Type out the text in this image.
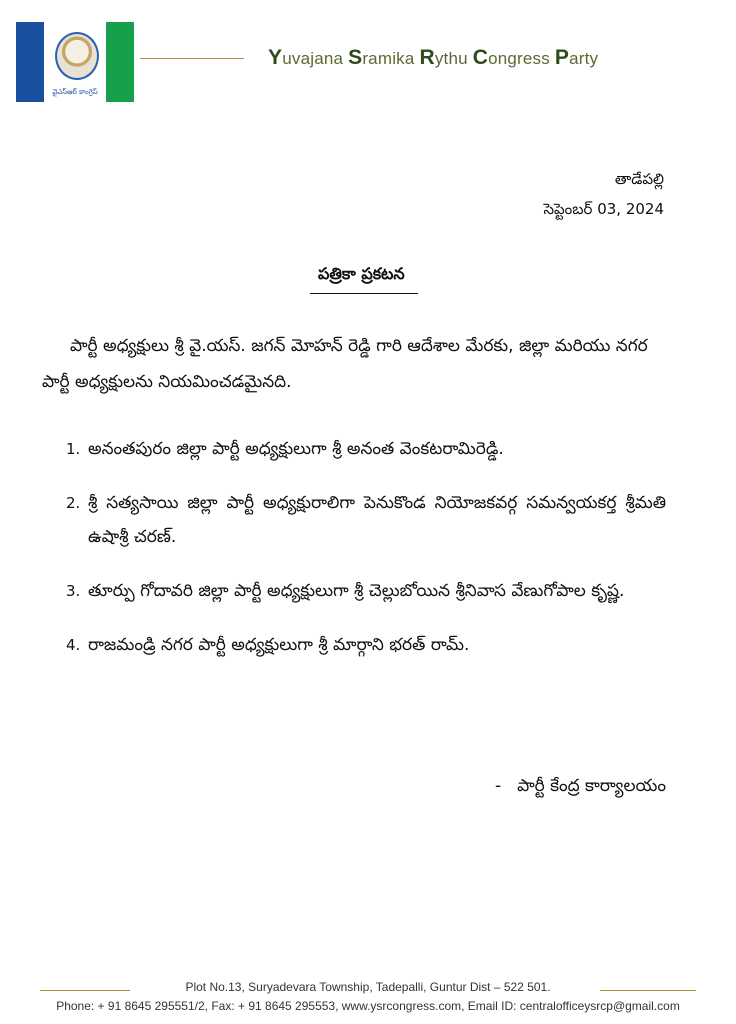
వైఎస్ఆర్ కాంగ్రెస్
Yuvajana Sramika Rythu Congress Party
తాడేపల్లి
సెప్టెంబర్ 03, 2024
పత్రికా ప్రకటన
పార్టీ అధ్యక్షులు శ్రీ వై.యస్. జగన్ మోహన్ రెడ్డి గారి ఆదేశాల మేరకు, జిల్లా మరియు నగర పార్టీ అధ్యక్షులను నియమించడమైనది.
1. అనంతపురం జిల్లా పార్టీ అధ్యక్షులుగా శ్రీ అనంత వెంకటరామిరెడ్డి.
2. శ్రీ సత్యసాయి జిల్లా పార్టీ అధ్యక్షురాలిగా పెనుకొండ నియోజకవర్గ సమన్వయకర్త శ్రీమతి ఉషాశ్రీ చరణ్.
3. తూర్పు గోదావరి జిల్లా పార్టీ అధ్యక్షులుగా శ్రీ చెల్లుబోయిన శ్రీనివాస వేణుగోపాల కృష్ణ.
4. రాజమండ్రి నగర పార్టీ అధ్యక్షులుగా శ్రీ మార్గాని భరత్ రామ్.
- పార్టీ కేంద్ర కార్యాలయం
Plot No.13, Suryadevara Township, Tadepalli, Guntur Dist – 522 501.
Phone: + 91 8645 295551/2, Fax: + 91 8645 295553, www.ysrcongress.com, Email ID: centralofficeysrcp@gmail.com
